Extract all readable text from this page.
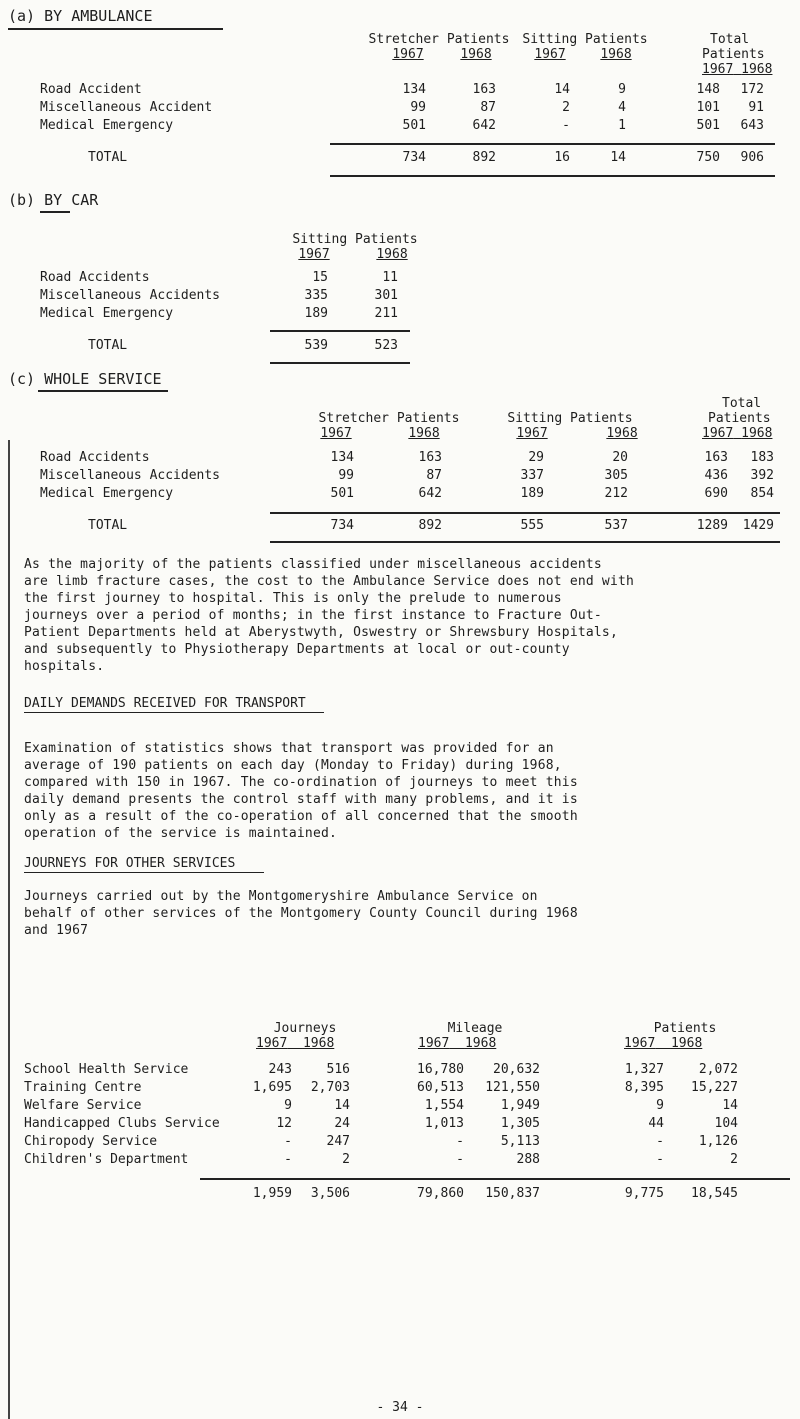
(a) BY AMBULANCE
Stretcher Patients Sitting Patients	Total
1967	1968	1967	1968	Patients
1967 1968
Road Accident	134	163	14	9	148	172
Miscellaneous Accident	99	87	2	4	101	91
Medical Emergency	501	642	-	1	501	643
TOTAL	734	892	16	14	750	906
(b) BY CAR
Sitting Patients
1967	1968
Road Accidents	15	11
Miscellaneous Accidents	335	301
Medical Emergency	189	211
TOTAL	539	523
(c) WHOLE SERVICE
Total
Stretcher Patients	Sitting Patients	Patients
1967	1968	1967	1968	1967 1968
Road Accidents	134	163	29	20	163	183
Miscellaneous Accidents	99	87	337	305	436	392
Medical Emergency	501	642	189	212	690	854
TOTAL	734	892	555	537	1289	1429
As the majority of the patients classified under miscellaneous accidents
are limb fracture cases, the cost to the Ambulance Service does not end with
the first journey to hospital. This is only the prelude to numerous
journeys over a period of months; in the first instance to Fracture Out-
Patient Departments held at Aberystwyth, Oswestry or Shrewsbury Hospitals,
and subsequently to Physiotherapy Departments at local or out-county
hospitals.
DAILY DEMANDS RECEIVED FOR TRANSPORT
Examination of statistics shows that transport was provided for an
average of 190 patients on each day (Monday to Friday) during 1968,
compared with 150 in 1967. The co-ordination of journeys to meet this
daily demand presents the control staff with many problems, and it is
only as a result of the co-operation of all concerned that the smooth
operation of the service is maintained.
JOURNEYS FOR OTHER SERVICES
Journeys carried out by the Montgomeryshire Ambulance Service on
behalf of other services of the Montgomery County Council during 1968
and 1967
Journeys	Mileage	Patients
1967 1968	1967 1968	1967 1968
School Health Service	243	516	16,780	20,632	1,327	2,072
Training Centre	1,695	2,703	60,513	121,550	8,395	15,227
Welfare Service	9	14	1,554	1,949	9	14
Handicapped Clubs Service	12	24	1,013	1,305	44	104
Chiropody Service	-	247	-	5,113	-	1,126
Children's Department	-	2	-	288	-	2
1,959	3,506	79,860	150,837	9,775	18,545
- 34 -
